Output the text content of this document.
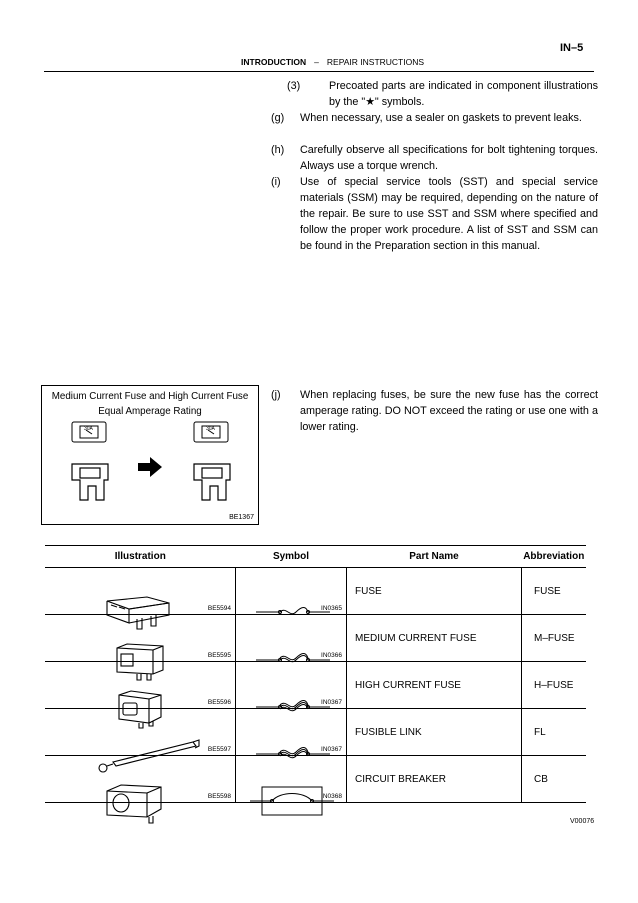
IN–5
INTRODUCTION – REPAIR INSTRUCTIONS
(3)	Precoated parts are indicated in component illustrations by the "★" symbols.
(g) When necessary, use a sealer on gaskets to prevent leaks.
(h) Carefully observe all specifications for bolt tightening torques. Always use a torque wrench.
(i) Use of special service tools (SST) and special service materials (SSM) may be required, depending on the nature of the repair. Be sure to use SST and SSM where specified and follow the proper work procedure. A list of SST and SSM can be found in the Preparation section in this manual.
(j) When replacing fuses, be sure the new fuse has the correct amperage rating. DO NOT exceed the rating or use one with a lower rating.
Medium Current Fuse and High Current Fuse
Equal Amperage Rating
30A	30A
BE1367
Illustration	Symbol	Part Name	Abbreviation

BE5594	IN0365	FUSE	FUSE

BE5595	IN0366	MEDIUM CURRENT FUSE	M–FUSE

BE5596	IN0367	HIGH CURRENT FUSE	H–FUSE

BE5597	IN0367	FUSIBLE LINK	FL

BE5598	IN0368	CIRCUIT BREAKER	CB
V00076
